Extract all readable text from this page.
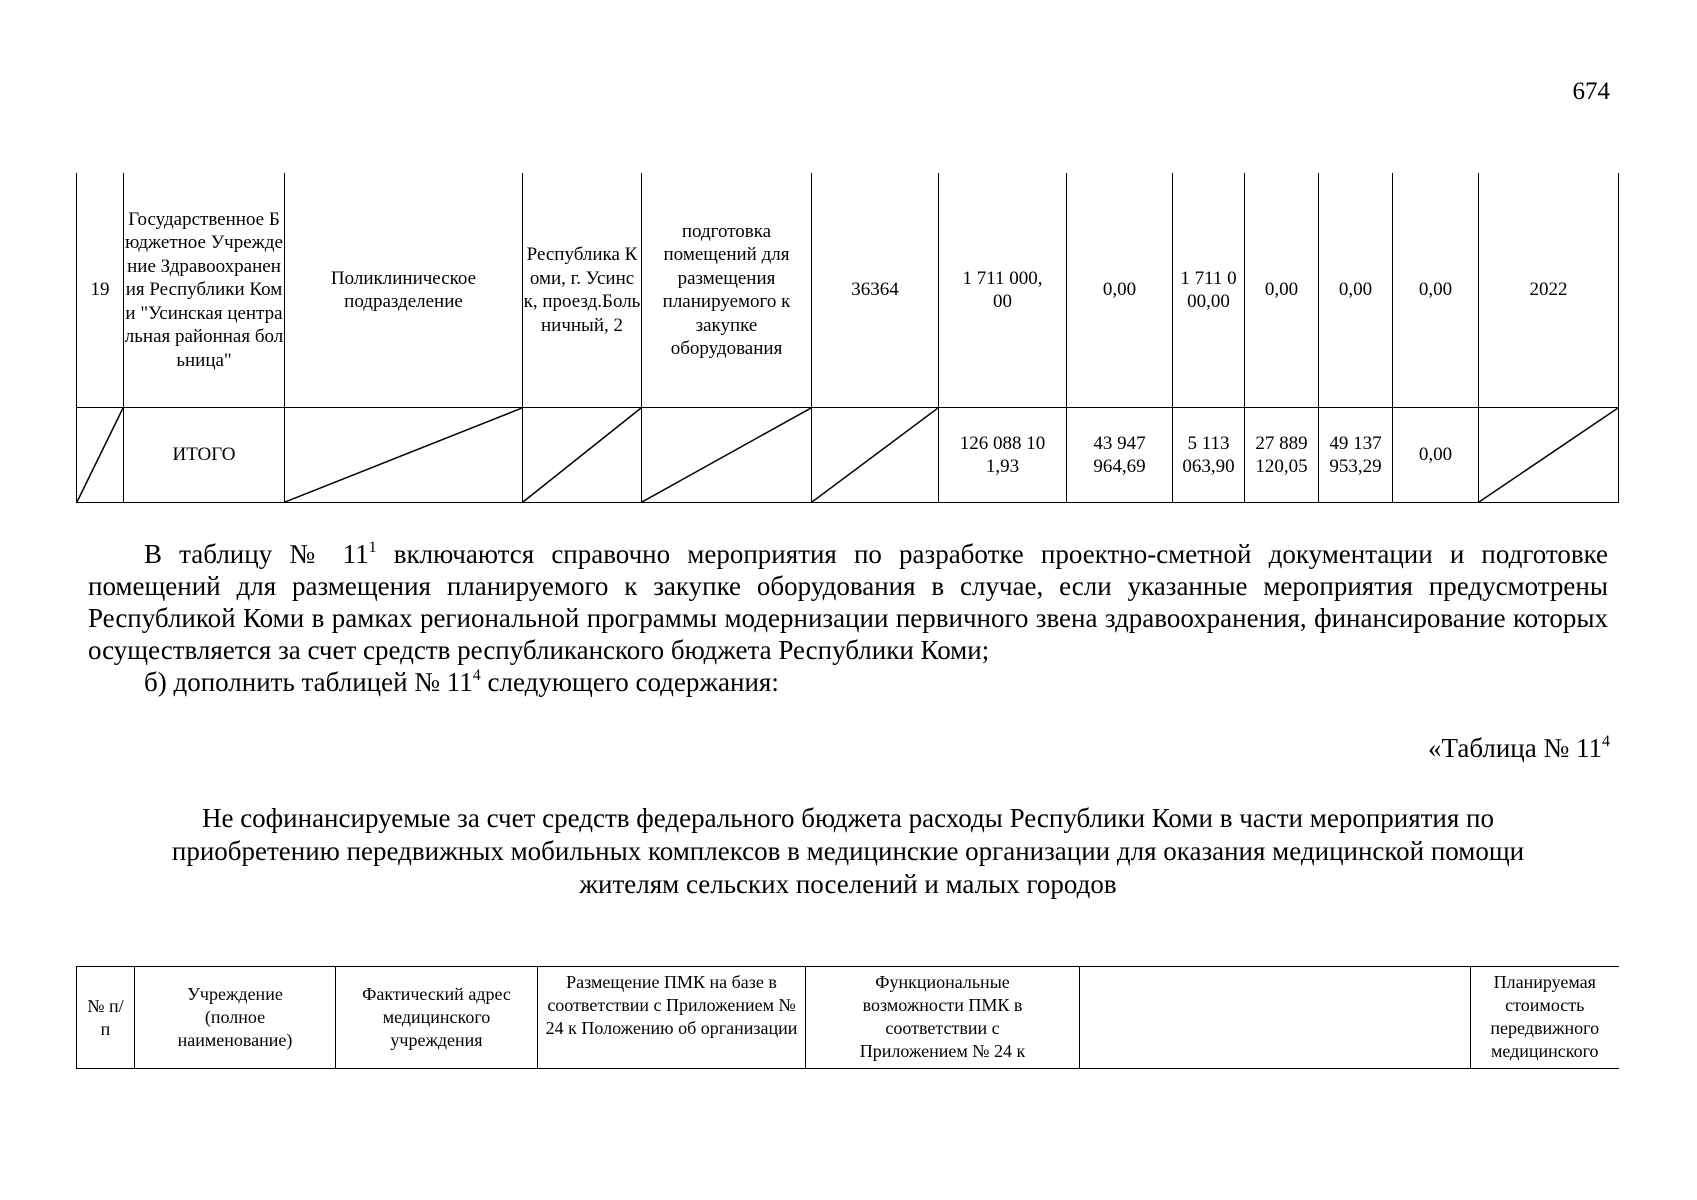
674
19	Государственное Бюджетное Учреждение Здравоохранения Республики Коми "Усинская центральная районная больница"	Поликлиническое подразделение	Республика Коми, г. Усинск, проезд.Больничный, 2	подготовка помещений для размещения планируемого к закупке оборудования	36364	1 711 000,00	0,00	1 711 000,00	0,00	0,00	0,00	2022

	ИТОГО					126 088 101,93	43 947 964,69	5 113 063,90	27 889 120,05	49 137 953,29	0,00	

В таблицу № $11^1$ включаются справочно мероприятия по разработке проектно-сметной документации и подготовке помещений для размещения планируемого к закупке оборудования в случае, если указанные мероприятия предусмотрены Республикой Коми в рамках региональной программы модернизации первичного звена здравоохранения, финансирование которых осуществляется за счет средств республиканского бюджета Республики Коми;

б) дополнить таблицей № $11^4$ следующего содержания:

«Таблица № $11^4$
Не софинансируемые за счет средств федерального бюджета расходы Республики Коми в части мероприятия по
приобретению передвижных мобильных комплексов в медицинские организации для оказания медицинской помощи
жителям сельских поселений и малых городов
№ п/п	Учреждение (полное наименование)	Фактический адрес медицинского учреждения	Размещение ПМК на базе в соответствии с Приложением № 24 к Положению об организации	Функциональные возможности ПМК в соответствии с Приложением № 24 к		Планируемая стоимость передвижного медицинского
